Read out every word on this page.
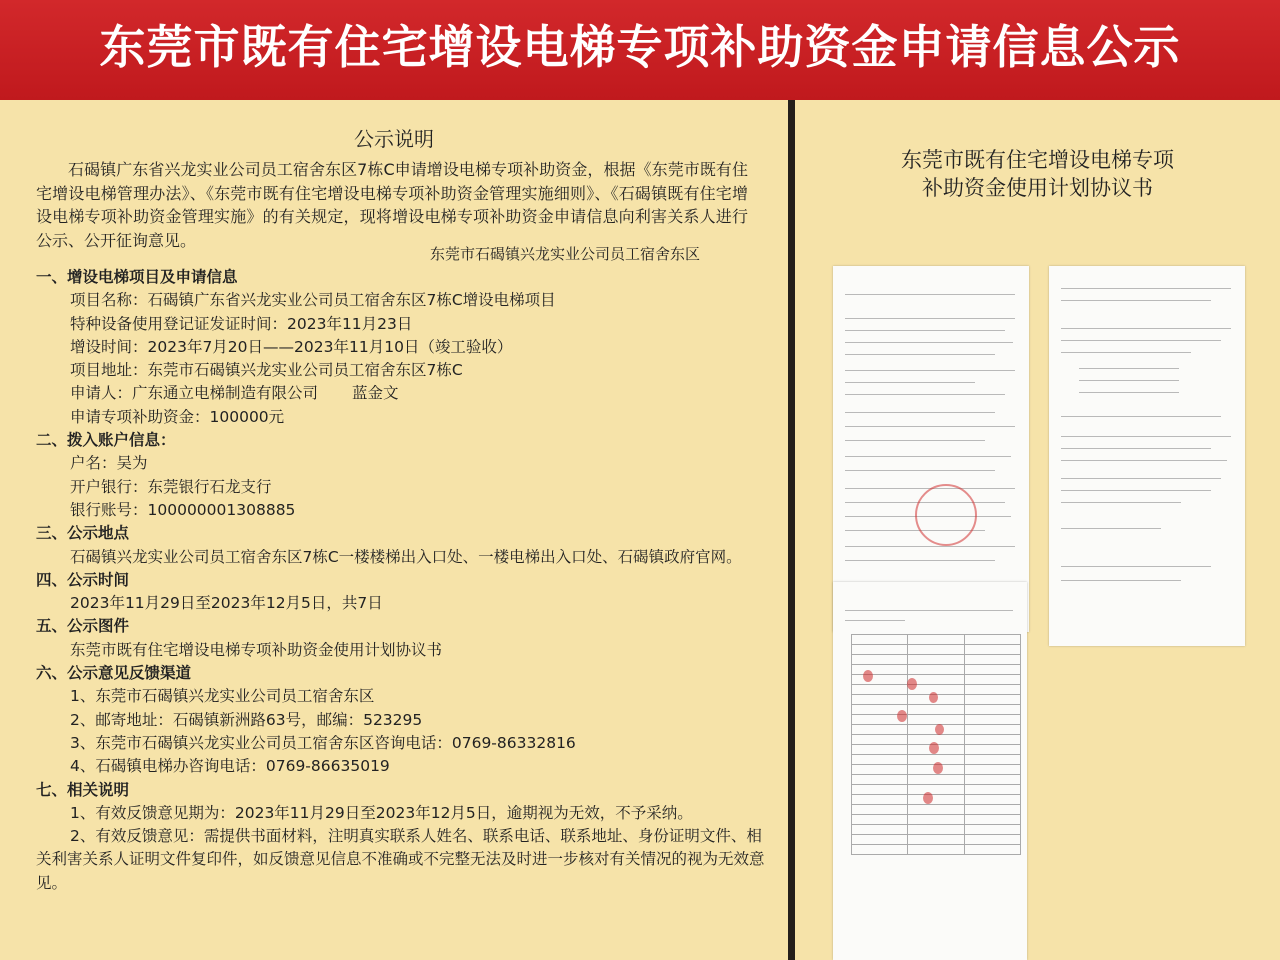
东莞市既有住宅增设电梯专项补助资金申请信息公示
公示说明
石碣镇广东省兴龙实业公司员工宿舍东区7栋C申请增设电梯专项补助资金，根据《东莞市既有住宅增设电梯管理办法》、《东莞市既有住宅增设电梯专项补助资金管理实施细则》、《石碣镇既有住宅增设电梯专项补助资金管理实施》的有关规定，现将增设电梯专项补助资金申请信息向利害关系人进行公示、公开征询意见。
东莞市石碣镇兴龙实业公司员工宿舍东区
一、增设电梯项目及申请信息
项目名称：石碣镇广东省兴龙实业公司员工宿舍东区7栋C增设电梯项目
特种设备使用登记证发证时间：2023年11月23日
增设时间：2023年7月20日——2023年11月10日（竣工验收）
项目地址：东莞市石碣镇兴龙实业公司员工宿舍东区7栋C
申请人：广东通立电梯制造有限公司 蓝金文
申请专项补助资金：100000元
二、拨入账户信息：
户名：吴为
开户银行：东莞银行石龙支行
银行账号：100000001308885
三、公示地点
石碣镇兴龙实业公司员工宿舍东区7栋C一楼楼梯出入口处、一楼电梯出入口处、石碣镇政府官网。
四、公示时间
2023年11月29日至2023年12月5日，共7日
五、公示图件
东莞市既有住宅增设电梯专项补助资金使用计划协议书
六、公示意见反馈渠道
1、东莞市石碣镇兴龙实业公司员工宿舍东区
2、邮寄地址：石碣镇新洲路63号，邮编：523295
3、东莞市石碣镇兴龙实业公司员工宿舍东区咨询电话：0769-86332816
4、石碣镇电梯办咨询电话：0769-86635019
七、相关说明
1、有效反馈意见期为：2023年11月29日至2023年12月5日，逾期视为无效，不予采纳。
2、有效反馈意见：需提供书面材料，注明真实联系人姓名、联系电话、联系地址、身份证明文件、相关利害关系人证明文件复印件，如反馈意见信息不准确或不完整无法及时进一步核对有关情况的视为无效意见。
东莞市既有住宅增设电梯专项
补助资金使用计划协议书
